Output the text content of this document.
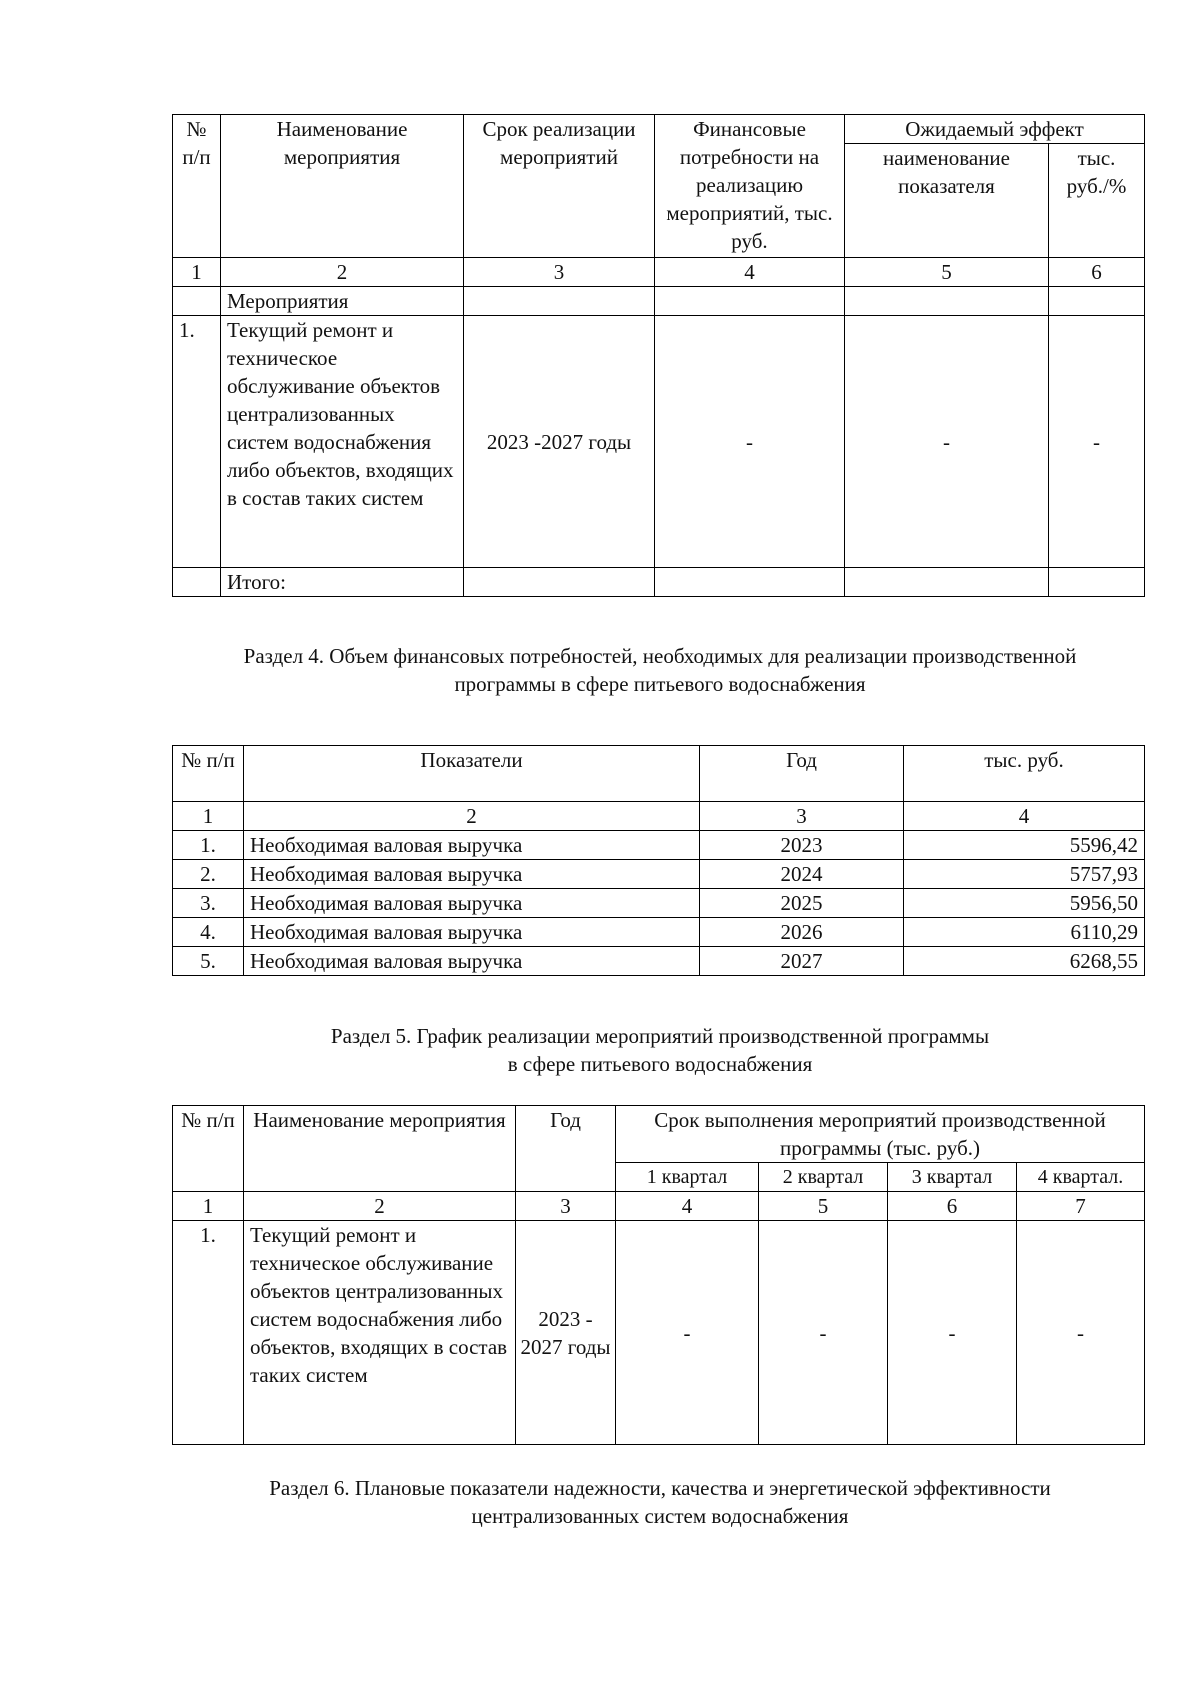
№ п/п	Наименование мероприятия	Срок реализации мероприятий	Финансовые потребности на реализацию мероприятий, тыс. руб.	Ожидаемый эффект	
				наименование показателя	тыс. руб./%
1	2	3	4	5	6
	Мероприятия				
1.	Текущий ремонт и техническое обслуживание объектов централизованных систем водоснабжения либо объектов, входящих в состав таких систем	2023 -2027 годы	-	-	-
	Итого:				
Раздел 4. Объем финансовых потребностей, необходимых для реализации производственной
программы в сфере питьевого водоснабжения
№ п/п	Показатели	Год	тыс. руб.
1	2	3	4
1.	Необходимая валовая выручка	2023	5596,42
2.	Необходимая валовая выручка	2024	5757,93
3.	Необходимая валовая выручка	2025	5956,50
4.	Необходимая валовая выручка	2026	6110,29
5.	Необходимая валовая выручка	2027	6268,55
Раздел 5. График реализации мероприятий производственной программы
в сфере питьевого водоснабжения
№ п/п	Наименование мероприятия	Год	Срок выполнения мероприятий производственной программы (тыс. руб.)			
			1 квартал	2 квартал	3 квартал	4 квартал.
1	2	3	4	5	6	7
1.	Текущий ремонт и техническое обслуживание объектов централизованных систем водоснабжения либо объектов, входящих в состав таких систем	2023 - 2027 годы	-	-	-	-
Раздел 6. Плановые показатели надежности, качества и энергетической эффективности
централизованных систем водоснабжения
